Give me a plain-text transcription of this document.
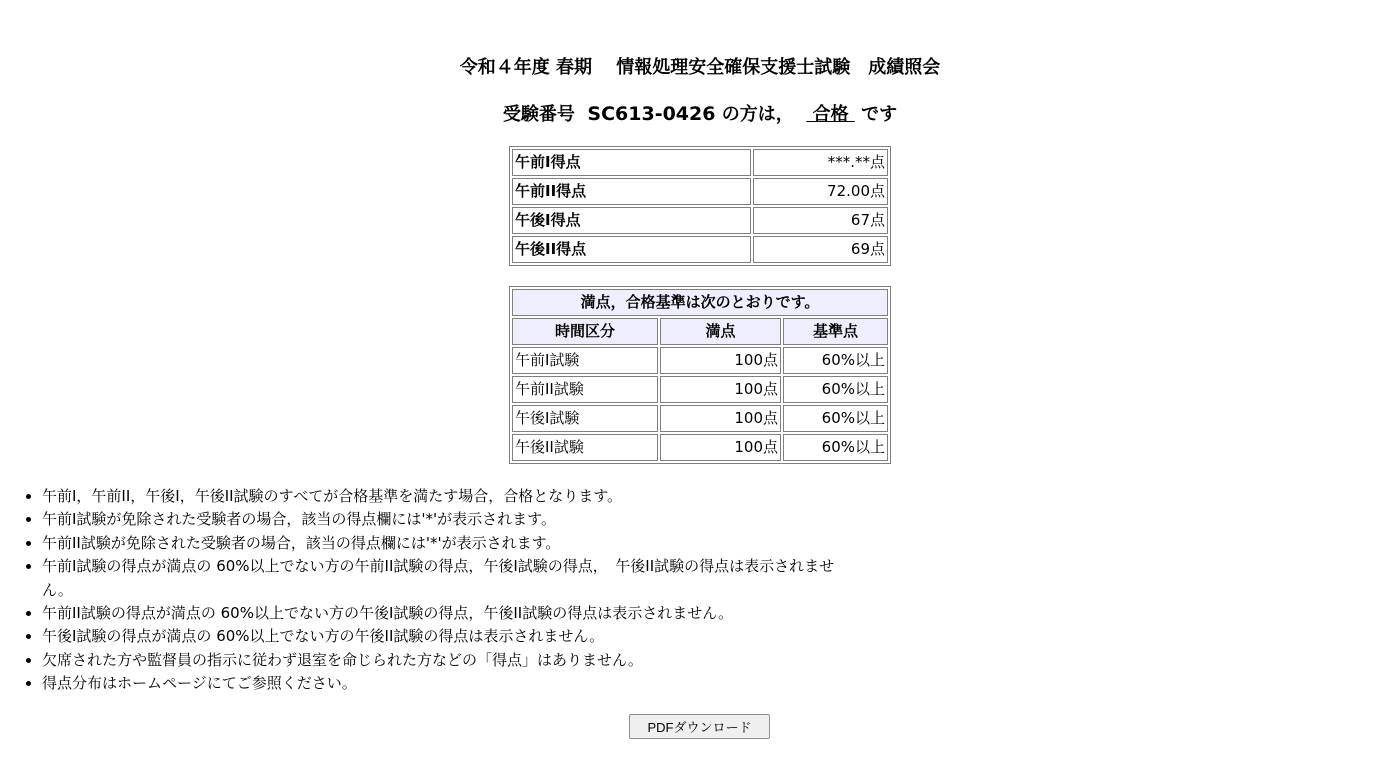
令和４年度 春期　 情報処理安全確保支援士試験　成績照会
受験番号 SC613-0426 の方は， 合格 です
午前I得点	***.**点
午前II得点	72.00点
午後I得点	67点
午後II得点	69点
満点，合格基準は次のとおりです。		
時間区分	満点	基準点
午前I試験	100点	60%以上
午前II試験	100点	60%以上
午後I試験	100点	60%以上
午後II試験	100点	60%以上
• 午前I，午前II，午後I，午後II試験のすべてが合格基準を満たす場合，合格となります。
• 午前I試験が免除された受験者の場合，該当の得点欄には'*'が表示されます。
• 午前II試験が免除された受験者の場合，該当の得点欄には'*'が表示されます。
• 午前I試験の得点が満点の 60%以上でない方の午前II試験の得点，午後I試験の得点，　午後II試験の得点は表示されません。
• 午前II試験の得点が満点の 60%以上でない方の午後I試験の得点，午後II試験の得点は表示されません。
• 午後I試験の得点が満点の 60%以上でない方の午後II試験の得点は表示されません。
• 欠席された方や監督員の指示に従わず退室を命じられた方などの「得点」はありません。
• 得点分布はホームページにてご参照ください。
PDFダウンロード
